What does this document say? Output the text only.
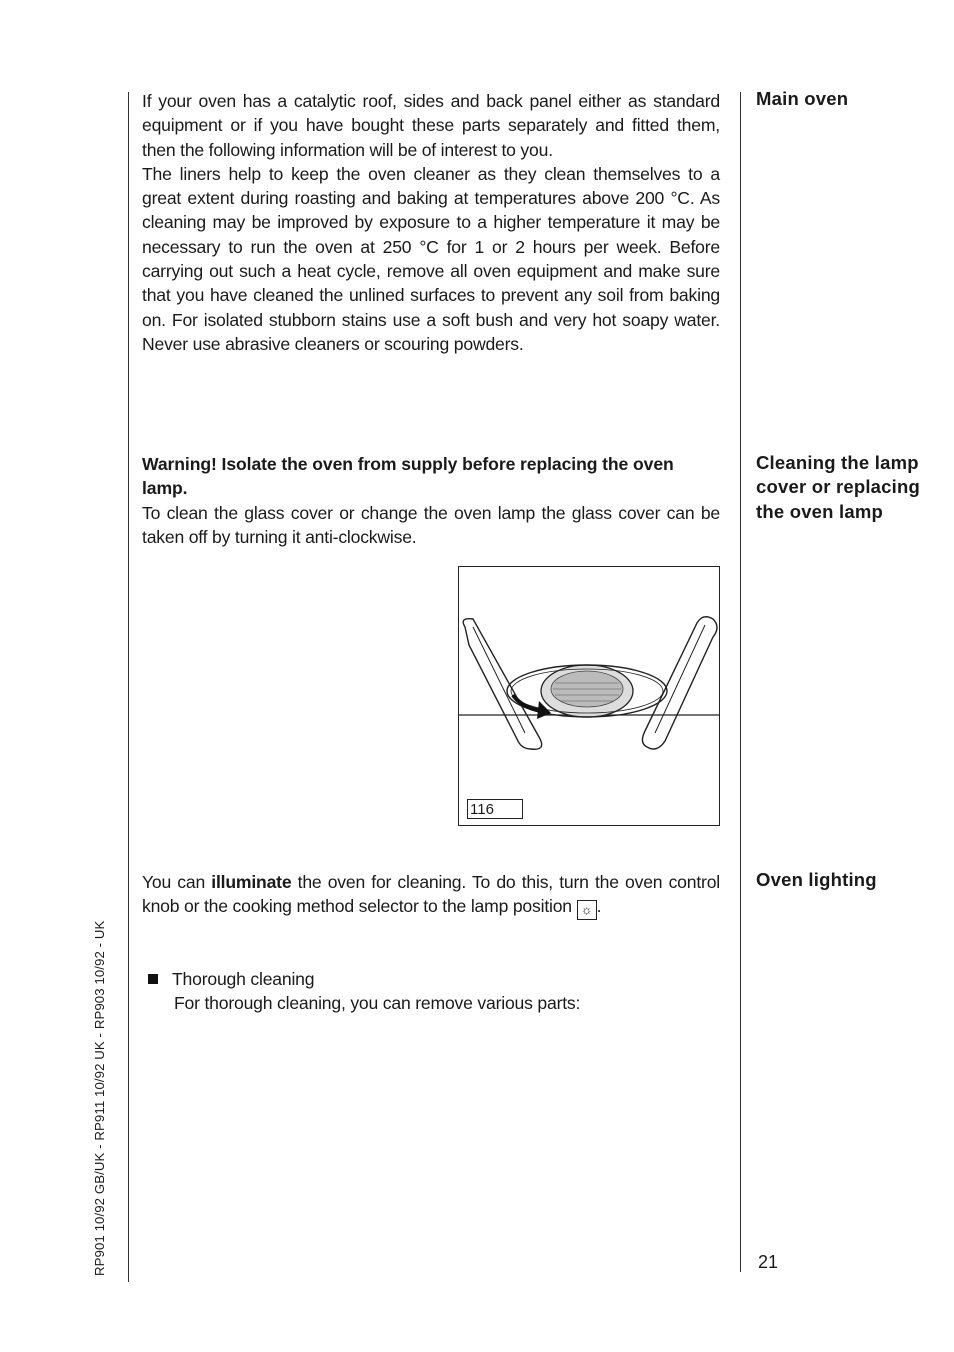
If your oven has a catalytic roof, sides and back panel either as standard equipment or if you have bought these parts separately and fitted them, then the following information will be of interest to you.

The liners help to keep the oven cleaner as they clean themselves to a great extent during roasting and baking at temperatures above 200 °C. As cleaning may be improved by exposure to a higher temperature it may be necessary to run the oven at 250 °C for 1 or 2 hours per week. Before carrying out such a heat cycle, remove all oven equipment and make sure that you have cleaned the unlined surfaces to prevent any soil from baking on. For isolated stubborn stains use a soft bush and very hot soapy water. Never use abrasive cleaners or scouring powders.

Main oven
Warning! Isolate the oven from supply before replacing the oven lamp.

To clean the glass cover or change the oven lamp the glass cover can be taken off by turning it anti-clockwise.

Cleaning the lamp cover or replacing the oven lamp
116

You can illuminate the oven for cleaning. To do this, turn the oven control knob or the cooking method selector to the lamp position ☼ .

Oven lighting
Thorough cleaning
For thorough cleaning, you can remove various parts:
21
RP901 10/92 GB/UK - RP911 10/92 UK - RP903 10/92 - UK
